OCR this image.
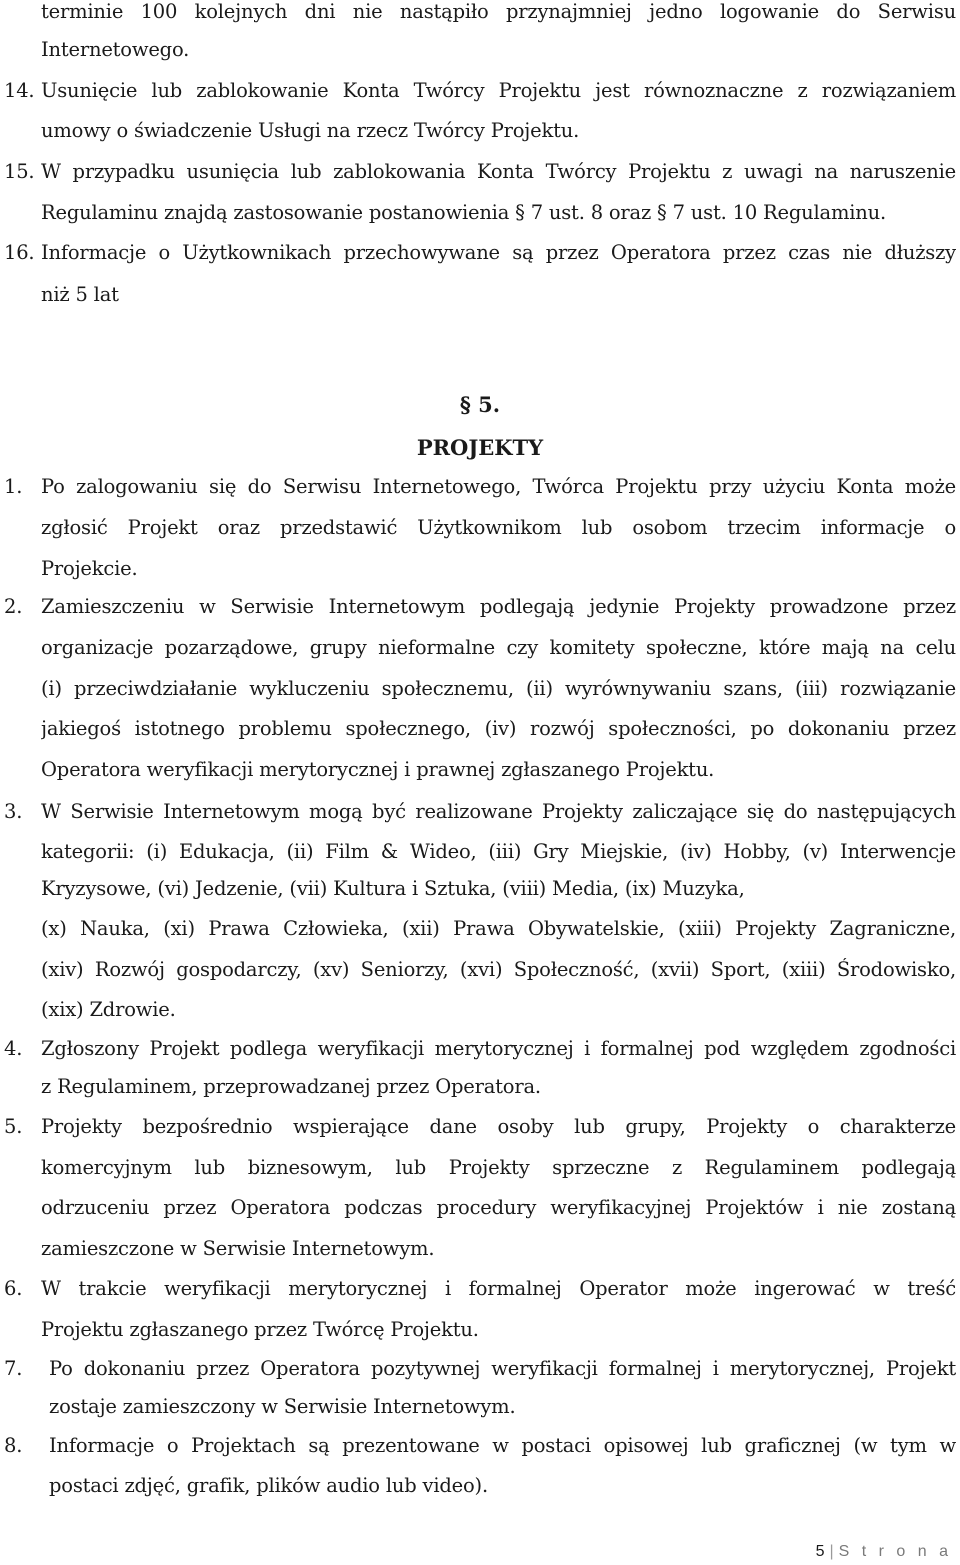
terminie 100 kolejnych dni nie nastąpiło przynajmniej jedno logowanie do Serwisu
Internetowego.
14. Usunięcie lub zablokowanie Konta Twórcy Projektu jest równoznaczne z rozwiązaniem
umowy o świadczenie Usługi na rzecz Twórcy Projektu.
15. W przypadku usunięcia lub zablokowania Konta Twórcy Projektu z uwagi na naruszenie
Regulaminu znajdą zastosowanie postanowienia § 7 ust. 8 oraz § 7 ust. 10 Regulaminu.
16. Informacje o Użytkownikach przechowywane są przez Operatora przez czas nie dłuższy
niż 5 lat
§ 5.
PROJEKTY
1. Po zalogowaniu się do Serwisu Internetowego, Twórca Projektu przy użyciu Konta może
zgłosić Projekt oraz przedstawić Użytkownikom lub osobom trzecim informacje o
Projekcie.
2. Zamieszczeniu w Serwisie Internetowym podlegają jedynie Projekty prowadzone przez
organizacje pozarządowe, grupy nieformalne czy komitety społeczne, które mają na celu
(i) przeciwdziałanie wykluczeniu społecznemu, (ii) wyrównywaniu szans, (iii) rozwiązanie
jakiegoś istotnego problemu społecznego, (iv) rozwój społeczności, po dokonaniu przez
Operatora weryfikacji merytorycznej i prawnej zgłaszanego Projektu.
3. W Serwisie Internetowym mogą być realizowane Projekty zaliczające się do następujących
kategorii: (i) Edukacja, (ii) Film & Wideo, (iii) Gry Miejskie, (iv) Hobby, (v) Interwencje
Kryzysowe, (vi) Jedzenie, (vii) Kultura i Sztuka, (viii) Media, (ix) Muzyka,
(x) Nauka, (xi) Prawa Człowieka, (xii) Prawa Obywatelskie, (xiii) Projekty Zagraniczne,
(xiv) Rozwój gospodarczy, (xv) Seniorzy, (xvi) Społeczność, (xvii) Sport, (xiii) Środowisko,
(xix) Zdrowie.
4. Zgłoszony Projekt podlega weryfikacji merytorycznej i formalnej pod względem zgodności
z Regulaminem, przeprowadzanej przez Operatora.
5. Projekty bezpośrednio wspierające dane osoby lub grupy, Projekty o charakterze
komercyjnym lub biznesowym, lub Projekty sprzeczne z Regulaminem podlegają
odrzuceniu przez Operatora podczas procedury weryfikacyjnej Projektów i nie zostaną
zamieszczone w Serwisie Internetowym.
6. W trakcie weryfikacji merytorycznej i formalnej Operator może ingerować w treść
Projektu zgłaszanego przez Twórcę Projektu.
7. Po dokonaniu przez Operatora pozytywnej weryfikacji formalnej i merytorycznej, Projekt
zostaje zamieszczony w Serwisie Internetowym.
8. Informacje o Projektach są prezentowane w postaci opisowej lub graficznej (w tym w
postaci zdjęć, grafik, plików audio lub video).
5 | S t r o n a
